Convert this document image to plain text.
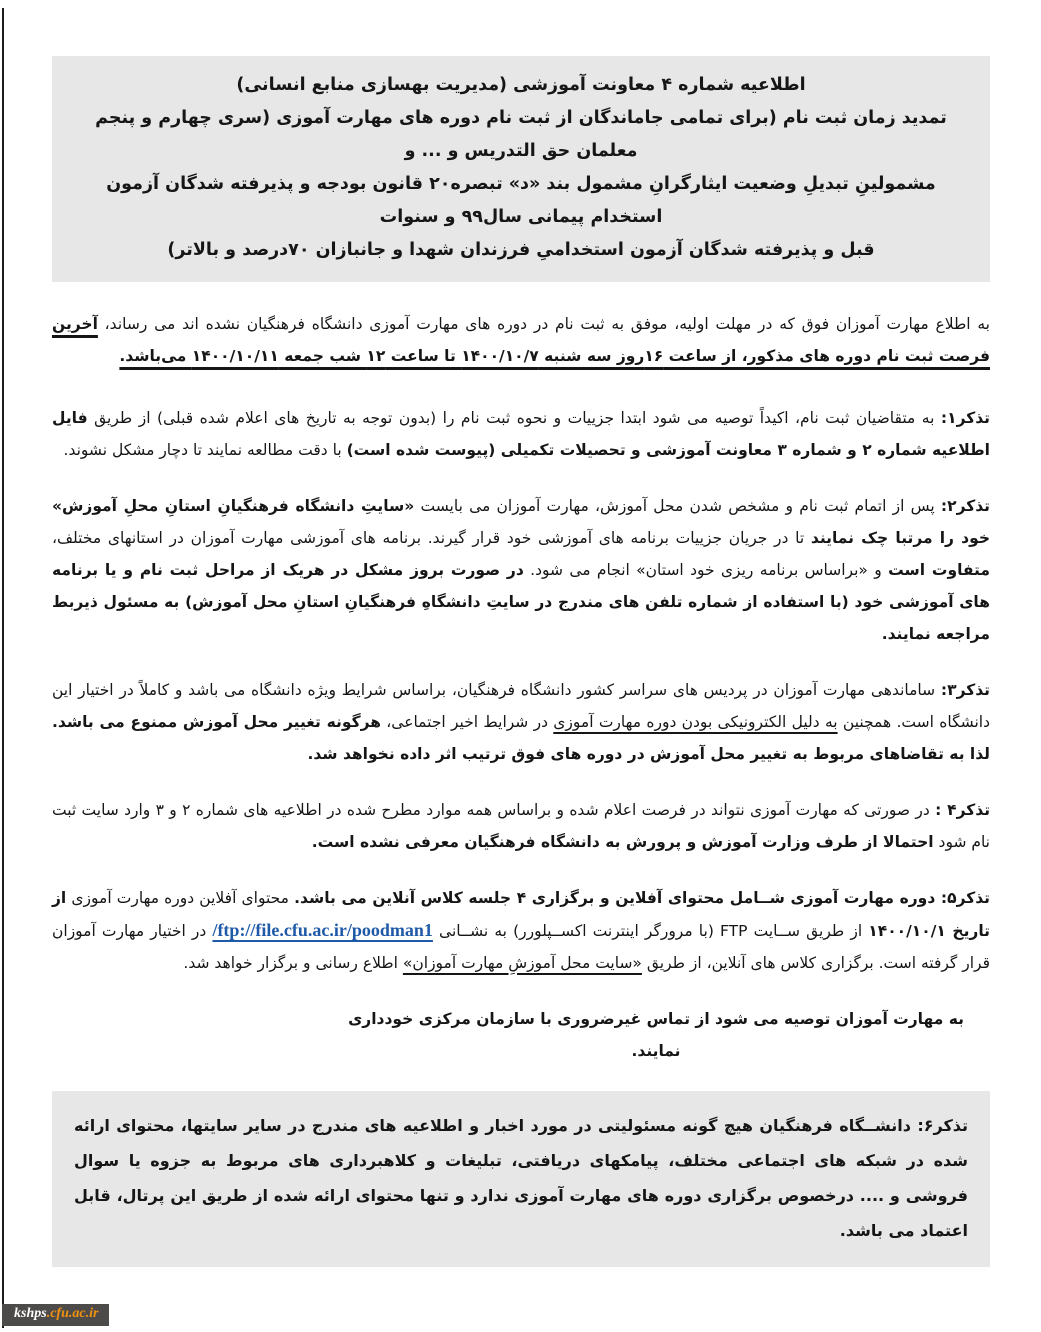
اطلاعیه شماره ۴ معاونت آموزشی (مدیریت بهسازی منابع انسانی)
تمدید زمان ثبت نام (برای تمامی جاماندگان از ثبت نام دوره های مهارت آموزی (سری چهارم و پنجم معلمان حق التدریس و ... و
مشمولینِ تبدیلِ وضعیت ایثارگرانِ مشمول بند «د» تبصره۲۰ قانون بودجه و پذیرفته شدگان آزمون استخدام پیمانی سال۹۹ و سنوات
قبل و پذیرفته شدگان آزمون استخدامیِ فرزندان شهدا و جانبازان ۷۰درصد و بالاتر)

به اطلاع مهارت آموزان فوق که در مهلت اولیه، موفق به ثبت نام در دوره های مهارت آموزی دانشگاه فرهنگیان نشده اند می رساند، آخرین فرصت ثبت نام دوره های مذکور، از ساعت ۱۶روز سه شنبه ۱۴۰۰/۱۰/۷ تا ساعت ۱۲ شب جمعه ۱۴۰۰/۱۰/۱۱ می‌باشد.

تذکر۱: به متقاضیان ثبت نام، اکیداً توصیه می شود ابتدا جزییات و نحوه ثبت نام را (بدون توجه به تاریخ های اعلام شده قبلی) از طریق فایل اطلاعیه شماره ۲ و شماره ۳ معاونت آموزشی و تحصیلات تکمیلی (پیوست شده است) با دقت مطالعه نمایند تا دچار مشکل نشوند.

تذکر۲: پس از اتمام ثبت نام و مشخص شدن محل آموزش، مهارت آموزان می بایست «سایتِ دانشگاه فرهنگیانِ استانِ محلِ آموزش» خود را مرتبا چک نمایند تا در جریان جزییات برنامه های آموزشی خود قرار گیرند. برنامه های آموزشی مهارت آموزان در استانهای مختلف، متفاوت است و «براساس برنامه ریزی خود استان» انجام می شود. در صورت بروز مشکل در هریک از مراحل ثبت نام و یا برنامه های آموزشی خود (با استفاده از شماره تلفن های مندرج در سایتِ دانشگاهِ فرهنگیانِ استانِ محل آموزش) به مسئول ذیربط مراجعه نمایند.

تذکر۳: ساماندهی مهارت آموزان در پردیس های سراسر کشور دانشگاه فرهنگیان، براساس شرایط ویژه دانشگاه می باشد و کاملاً در اختیار این دانشگاه است. همچنین به دلیل الکترونیکی بودن دوره مهارت آموزی در شرایط اخیر اجتماعی، هرگونه تغییر محل آموزش ممنوع می باشد. لذا به تقاضاهای مربوط به تغییر محل آموزش در دوره های فوق ترتیب اثر داده نخواهد شد.

تذکر۴ : در صورتی که مهارت آموزی نتواند در فرصت اعلام شده و براساس همه موارد مطرح شده در اطلاعیه های شماره ۲ و ۳ وارد سایت ثبت نام شود احتمالا از طرف وزارت آموزش و پرورش به دانشگاه فرهنگیان معرفی نشده است.

تذکر۵: دوره مهارت آموزی شــامل محتوای آفلاین و برگزاری ۴ جلسه کلاس آنلاین می باشد. محتوای آفلاین دوره مهارت آموزی از تاریخ ۱۴۰۰/۱۰/۱ از طریق ســایت FTP (با مرورگر اینترنت اکســپلورر) به نشــانی /ftp://file.cfu.ac.ir/poodman1 در اختیار مهارت آموزان قرار گرفته است. برگزاری کلاس های آنلاین، از طریق «سایت محل آموزشِ مهارت آموزان» اطلاع رسانی و برگزار خواهد شد.

به مهارت آموزان توصیه می شود از تماس غیرضروری با سازمان مرکزی خودداری نمایند.

تذکر۶: دانشــگاه فرهنگیان هیچ گونه مسئولیتی در مورد اخبار و اطلاعیه های مندرج در سایر سایتها، محتوای ارائه شده در شبکه های اجتماعی مختلف، پیامکهای دریافتی، تبلیغات و کلاهبرداری های مربوط به جزوه یا سوال فروشی و .... درخصوص برگزاری دوره های مهارت آموزی ندارد و تنها محتوای ارائه شده از طریق این پرتال، قابل اعتماد می باشد.
kshps.cfu.ac.ir
